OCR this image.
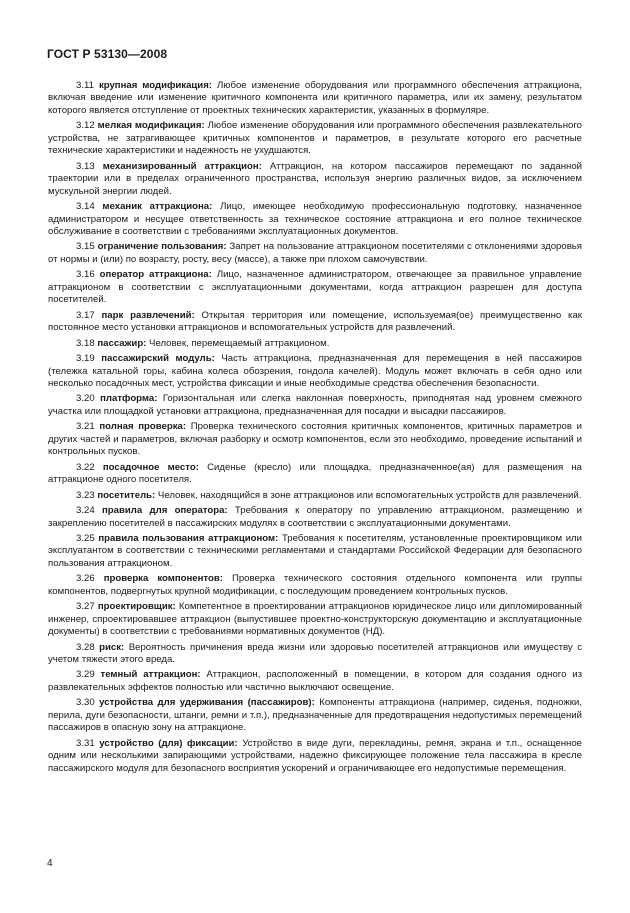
ГОСТ Р 53130—2008

3.11 крупная модификация: Любое изменение оборудования или программного обеспечения аттракциона, включая введение или изменение критичного компонента или критичного параметра, или их замену, результатом которого является отступление от проектных технических характеристик, указанных в формуляре.

3.12 мелкая модификация: Любое изменение оборудования или программного обеспечения развлекательного устройства, не затрагивающее критичных компонентов и параметров, в результате которого его расчетные технические характеристики и надежность не ухудшаются.

3.13 механизированный аттракцион: Аттракцион, на котором пассажиров перемещают по заданной траектории или в пределах ограниченного пространства, используя энергию различных видов, за исключением мускульной энергии людей.

3.14 механик аттракциона: Лицо, имеющее необходимую профессиональную подготовку, назначенное администратором и несущее ответственность за техническое состояние аттракциона и его полное техническое обслуживание в соответствии с требованиями эксплуатационных документов.

3.15 ограничение пользования: Запрет на пользование аттракционом посетителями с отклонениями здоровья от нормы и (или) по возрасту, росту, весу (массе), а также при плохом самочувствии.

3.16 оператор аттракциона: Лицо, назначенное администратором, отвечающее за правильное управление аттракционом в соответствии с эксплуатационными документами, когда аттракцион разрешен для доступа посетителей.

3.17 парк развлечений: Открытая территория или помещение, используемая(ое) преимущественно как постоянное место установки аттракционов и вспомогательных устройств для развлечений.

3.18 пассажир: Человек, перемещаемый аттракционом.

3.19 пассажирский модуль: Часть аттракциона, предназначенная для перемещения в ней пассажиров (тележка катальной горы, кабина колеса обозрения, гондола качелей). Модуль может включать в себя одно или несколько посадочных мест, устройства фиксации и иные необходимые средства обеспечения безопасности.

3.20 платформа: Горизонтальная или слегка наклонная поверхность, приподнятая над уровнем смежного участка или площадкой установки аттракциона, предназначенная для посадки и высадки пассажиров.

3.21 полная проверка: Проверка технического состояния критичных компонентов, критичных параметров и других частей и параметров, включая разборку и осмотр компонентов, если это необходимо, проведение испытаний и контрольных пусков.

3.22 посадочное место: Сиденье (кресло) или площадка, предназначенное(ая) для размещения на аттракционе одного посетителя.

3.23 посетитель: Человек, находящийся в зоне аттракционов или вспомогательных устройств для развлечений.

3.24 правила для оператора: Требования к оператору по управлению аттракционом, размещению и закреплению посетителей в пассажирских модулях в соответствии с эксплуатационными документами.

3.25 правила пользования аттракционом: Требования к посетителям, установленные проектировщиком или эксплуатантом в соответствии с техническими регламентами и стандартами Российской Федерации для безопасного пользования аттракционом.

3.26 проверка компонентов: Проверка технического состояния отдельного компонента или группы компонентов, подвергнутых крупной модификации, с последующим проведением контрольных пусков.

3.27 проектировщик: Компетентное в проектировании аттракционов юридическое лицо или дипломированный инженер, спроектировавшее аттракцион (выпустившее проектно-конструкторскую документацию и эксплуатационные документы) в соответствии с требованиями нормативных документов (НД).

3.28 риск: Вероятность причинения вреда жизни или здоровью посетителей аттракционов или имуществу с учетом тяжести этого вреда.

3.29 темный аттракцион: Аттракцион, расположенный в помещении, в котором для создания одного из развлекательных эффектов полностью или частично выключают освещение.

3.30 устройства для удерживания (пассажиров): Компоненты аттракциона (например, сиденья, подножки, перила, дуги безопасности, штанги, ремни и т.п.), предназначенные для предотвращения недопустимых перемещений пассажиров в опасную зону на аттракционе.

3.31 устройство (для) фиксации: Устройство в виде дуги, перекладины, ремня, экрана и т.п., оснащенное одним или несколькими запирающими устройствами, надежно фиксирующее положение тела пассажира в кресле пассажирского модуля для безопасного восприятия ускорений и ограничивающее его недопустимые перемещения.

4
